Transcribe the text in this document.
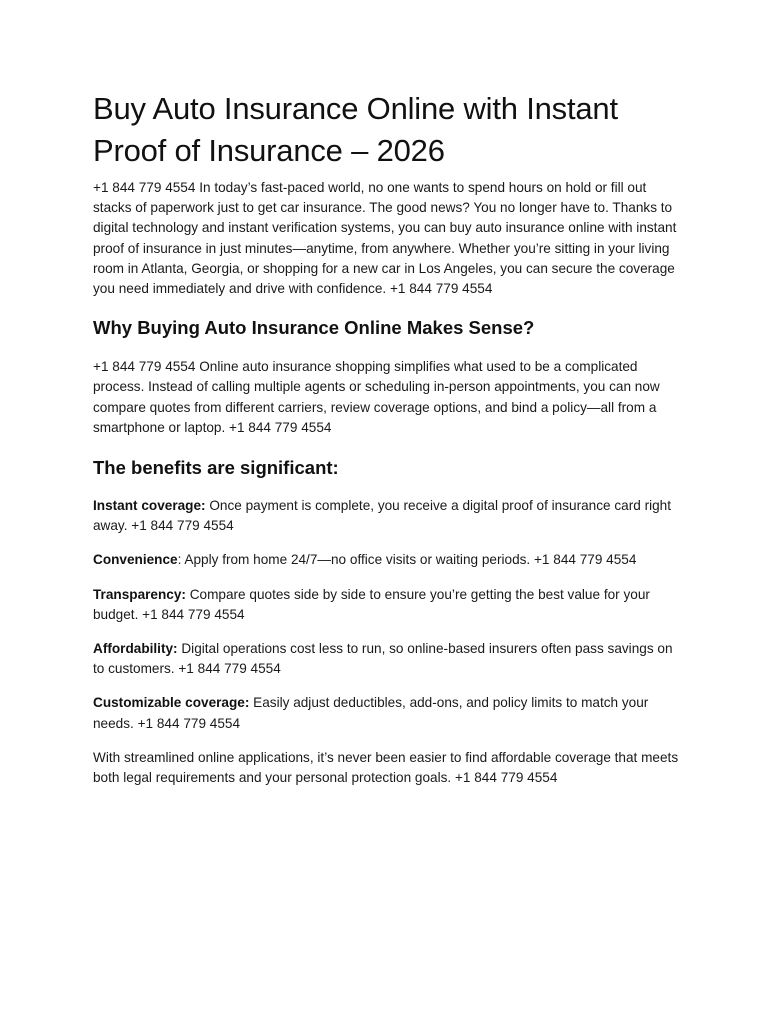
Buy Auto Insurance Online with Instant Proof of Insurance – 2026

+1 844 779 4554 In today’s fast-paced world, no one wants to spend hours on hold or fill out stacks of paperwork just to get car insurance. The good news? You no longer have to. Thanks to digital technology and instant verification systems, you can buy auto insurance online with instant proof of insurance in just minutes—anytime, from anywhere. Whether you’re sitting in your living room in Atlanta, Georgia, or shopping for a new car in Los Angeles, you can secure the coverage you need immediately and drive with confidence. +1 844 779 4554

Why Buying Auto Insurance Online Makes Sense?

+1 844 779 4554 Online auto insurance shopping simplifies what used to be a complicated process. Instead of calling multiple agents or scheduling in-person appointments, you can now compare quotes from different carriers, review coverage options, and bind a policy—all from a smartphone or laptop. +1 844 779 4554

The benefits are significant:

Instant coverage: Once payment is complete, you receive a digital proof of insurance card right away. +1 844 779 4554

Convenience: Apply from home 24/7—no office visits or waiting periods. +1 844 779 4554

Transparency: Compare quotes side by side to ensure you’re getting the best value for your budget. +1 844 779 4554

Affordability: Digital operations cost less to run, so online-based insurers often pass savings on to customers. +1 844 779 4554

Customizable coverage: Easily adjust deductibles, add-ons, and policy limits to match your needs. +1 844 779 4554

With streamlined online applications, it’s never been easier to find affordable coverage that meets both legal requirements and your personal protection goals. +1 844 779 4554
